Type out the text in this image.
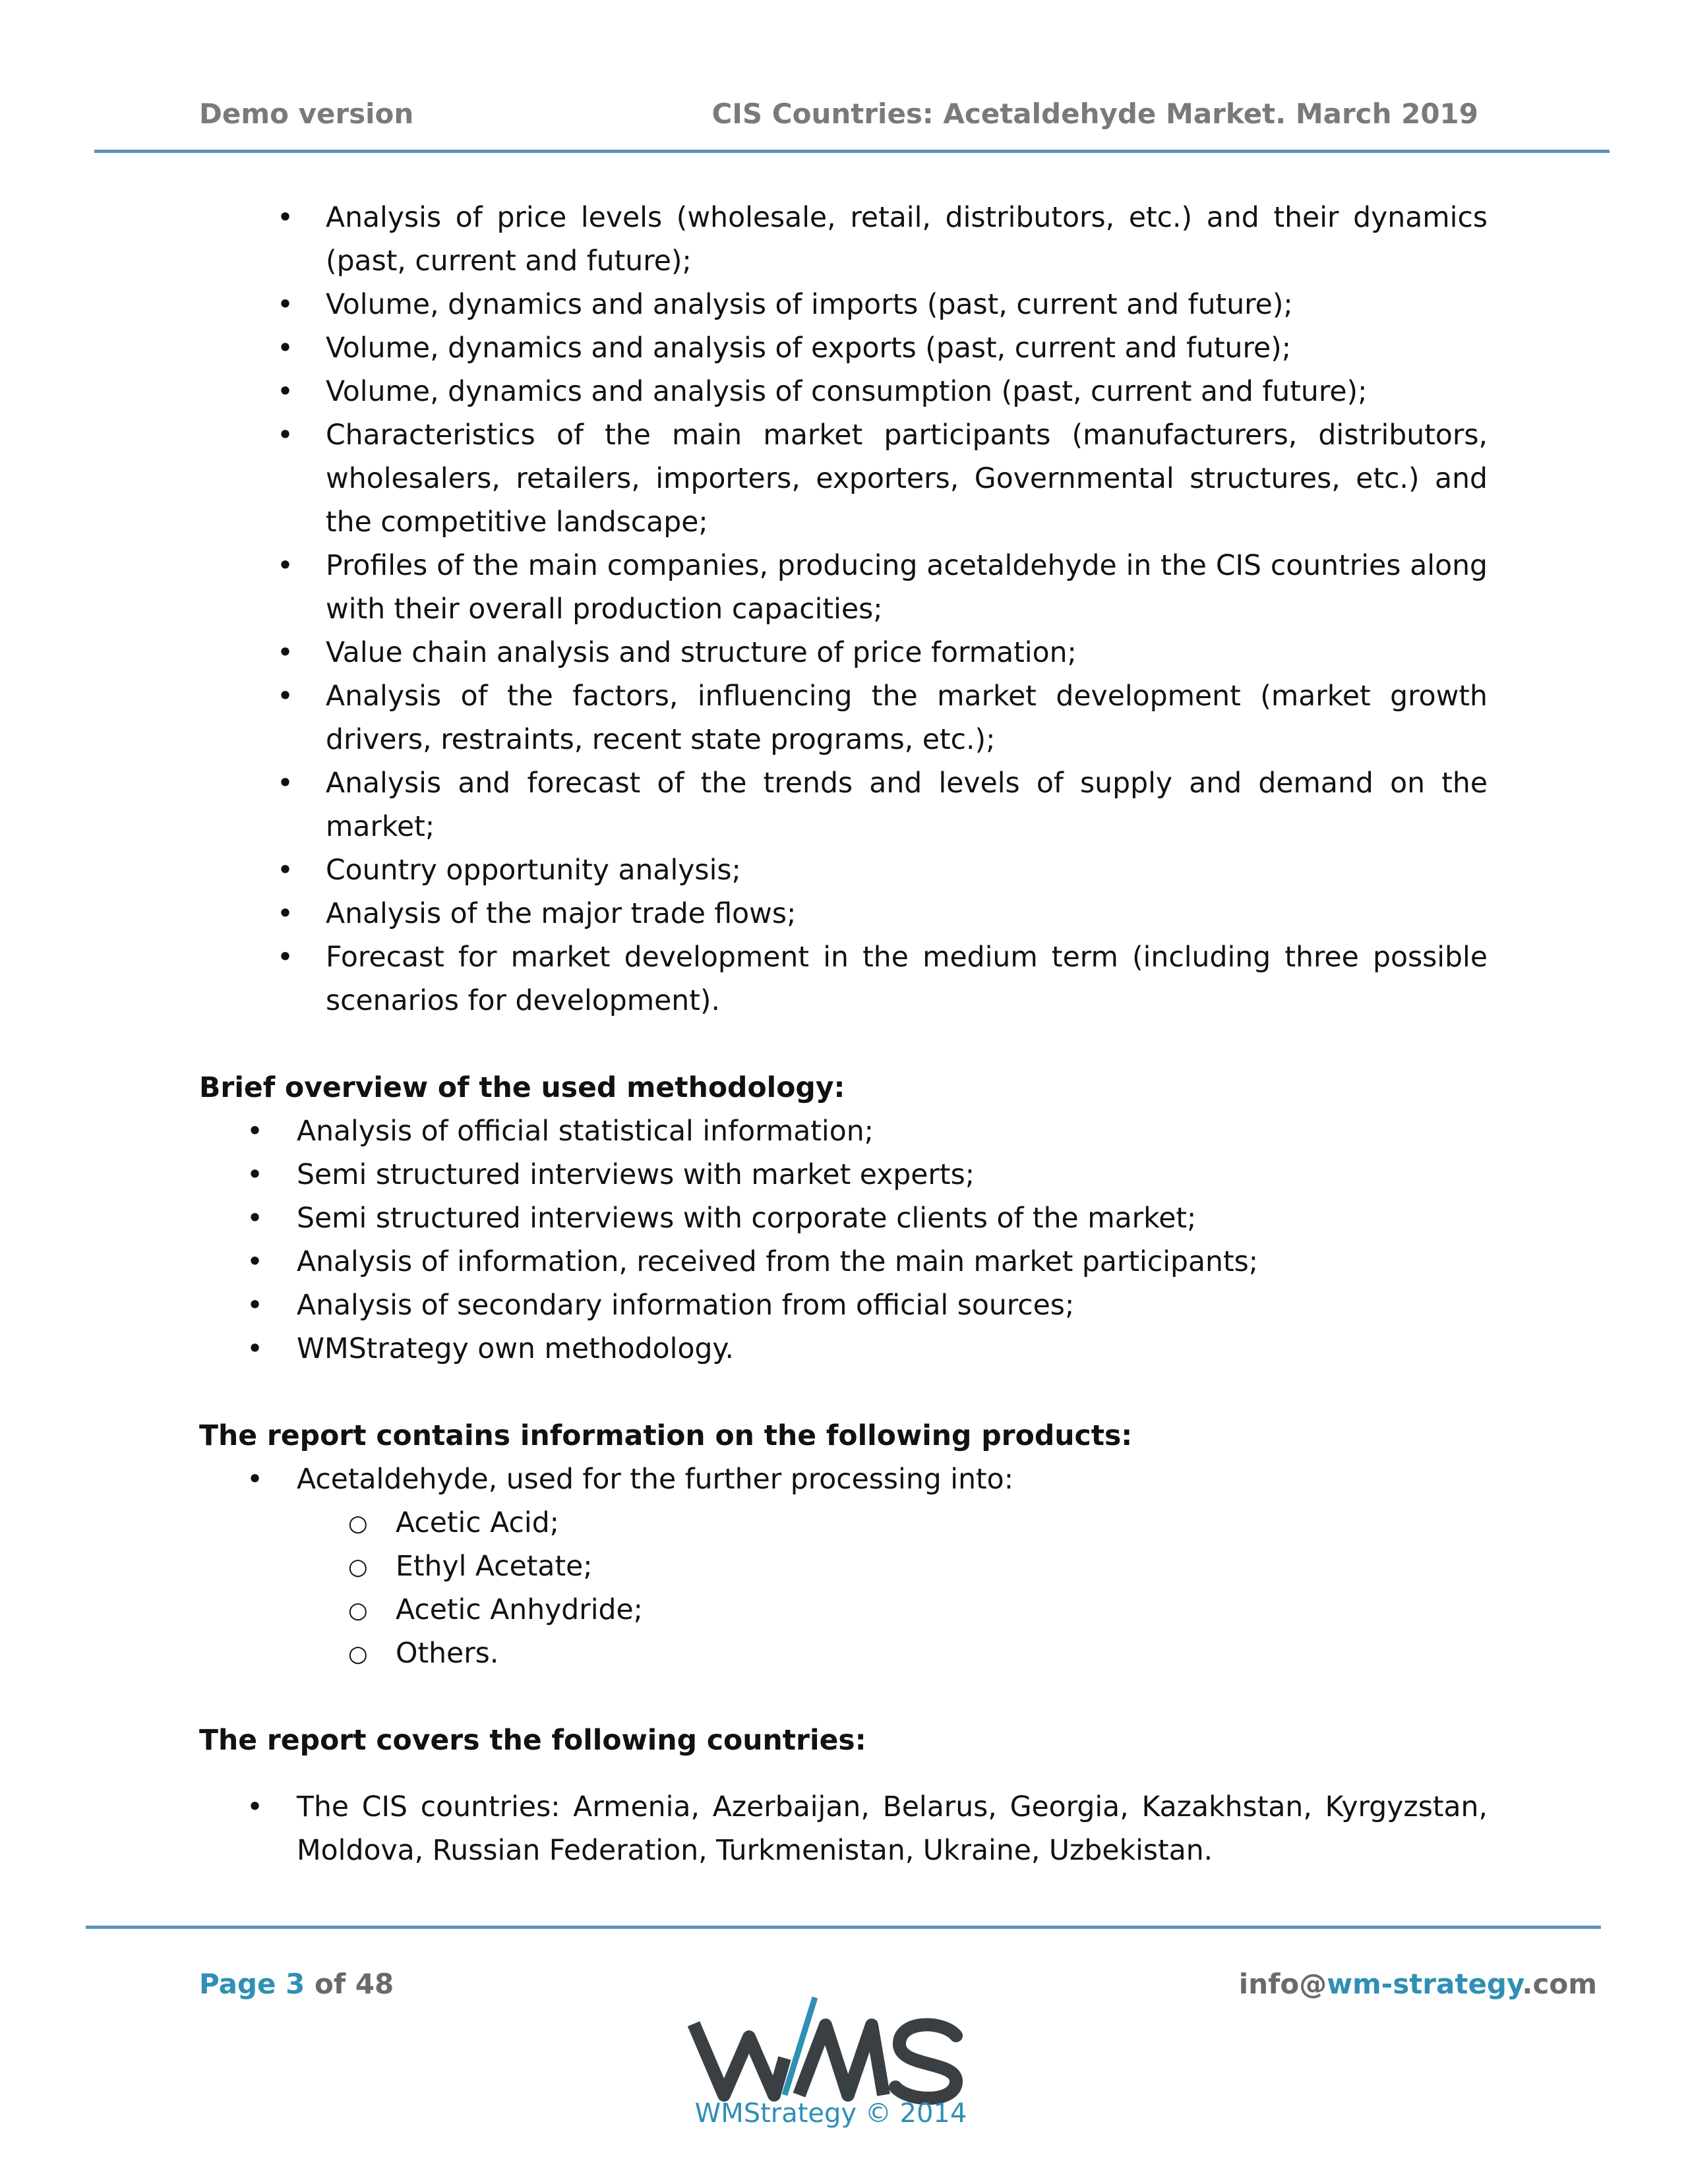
Demo version	CIS Countries: Acetaldehyde Market. March 2019
• Analysis of price levels (wholesale, retail, distributors, etc.) and their dynamics (past, current and future);
• Volume, dynamics and analysis of imports (past, current and future);
• Volume, dynamics and analysis of exports (past, current and future);
• Volume, dynamics and analysis of consumption (past, current and future);
• Characteristics of the main market participants (manufacturers, distributors, wholesalers, retailers, importers, exporters, Governmental structures, etc.) and the competitive landscape;
• Profiles of the main companies, producing acetaldehyde in the CIS countries along with their overall production capacities;
• Value chain analysis and structure of price formation;
• Analysis of the factors, influencing the market development (market growth drivers, restraints, recent state programs, etc.);
• Analysis and forecast of the trends and levels of supply and demand on the market;
• Country opportunity analysis;
• Analysis of the major trade flows;
• Forecast for market development in the medium term (including three possible scenarios for development).

Brief overview of the used methodology:

• Analysis of official statistical information;
• Semi structured interviews with market experts;
• Semi structured interviews with corporate clients of the market;
• Analysis of information, received from the main market participants;
• Analysis of secondary information from official sources;
• WMStrategy own methodology.

The report contains information on the following products:

• Acetaldehyde, used for the further processing into:
○ Acetic Acid;
○ Ethyl Acetate;
○ Acetic Anhydride;
○ Others.

The report covers the following countries:

• The CIS countries: Armenia, Azerbaijan, Belarus, Georgia, Kazakhstan, Kyrgyzstan, Moldova, Russian Federation, Turkmenistan, Ukraine, Uzbekistan.
Page 3 of 48	info@wm-strategy.com
WMStrategy © 2014
